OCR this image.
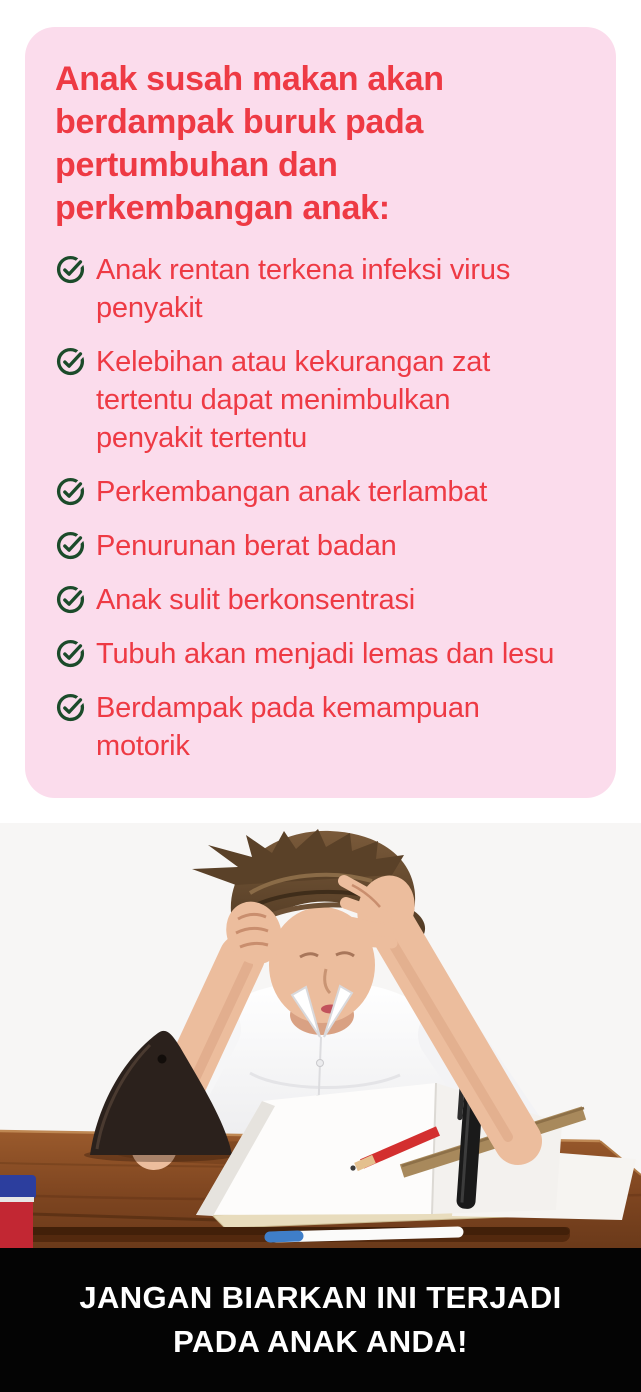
Anak susah makan akan berdampak buruk pada pertumbuhan dan perkembangan anak:
Anak rentan terkena infeksi virus penyakit
Kelebihan atau kekurangan zat tertentu dapat menimbulkan penyakit tertentu
Perkembangan anak terlambat
Penurunan berat badan
Anak sulit berkonsentrasi
Tubuh akan menjadi lemas dan lesu
Berdampak pada kemampuan motorik
JANGAN BIARKAN INI TERJADI
PADA ANAK ANDA!
